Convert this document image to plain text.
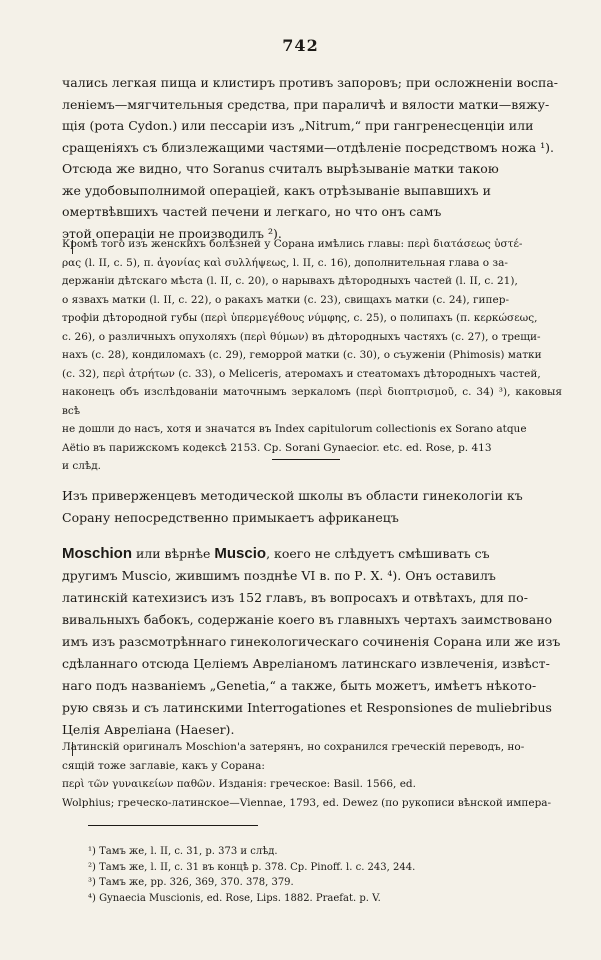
742

чались легкая пища и клистиръ противъ запоровъ; при осложненіи воспа-

леніемъ—мягчительныя средства, при параличѣ и вялости матки—вяжу-

щія (рота Cydon.) или пессаріи изъ „Nitrum,“ при гангренесценціи или

сращеніяхъ съ близлежащими частями—отдѣленіе посредствомъ ножа ¹).

Отсюда же видно, что Soranus считалъ вырѣзываніе матки такою

же удобовыполнимой операціей, какъ отрѣзываніе выпавшихъ и

омертвѣвшихъ частей печени и легкаго, но что онъ самъ

этой операціи не производилъ ²).

Кромѣ того изъ женскихъ болѣзней у Сорана имѣлись главы: περὶ διατάσεως ὑστέ-

ρας (l. II, c. 5), π. ἀγονίας καὶ συλλήψεως, l. II, c. 16), дополнительная глава о за-

держаніи дѣтскаго мѣста (l. II, c. 20), о нарывахъ дѣтородныхъ частей (l. II, c. 21),

о язвахъ матки (l. II, c. 22), о ракахъ матки (c. 23), свищахъ матки (c. 24), гипер-

трофіи дѣтородной губы (περὶ ὑπερμεγέθους νύμφης, c. 25), о полипахъ (π. κερκώσεως,

c. 26), о различныхъ опухоляхъ (περὶ θύμων) въ дѣтородныхъ частяхъ (c. 27), о трещи-

нахъ (c. 28), кондиломахъ (c. 29), геморрой матки (c. 30), о съуженіи (Phimosis) матки

(c. 32), περὶ ἀτρήτων (c. 33), о Meliceris, атеромахъ и стеатомахъ дѣтородныхъ частей,

наконецъ объ изслѣдованіи маточнымъ зеркаломъ (περὶ διοπτρισμοῦ, c. 34) ³), каковыя всѣ

не дошли до насъ, хотя и значатся въ Index capitulorum collectionis ex Sorano atque

Aëtio въ парижскомъ кодексѣ 2153. Ср. Sorani Gynaecior. etc. ed. Rose, p. 413

и слѣд.

Изъ приверженцевъ методической школы въ области гинекологіи къ

Сорану непосредственно примыкаетъ африканецъ

Moschion или вѣрнѣе Muscio, коего не слѣдуетъ смѣшивать съ

другимъ Muscio, жившимъ позднѣе VI в. по Р. Х. ⁴). Онъ оставилъ

латинскій катехизисъ изъ 152 главъ, въ вопросахъ и отвѣтахъ, для по-

вивальныхъ бабокъ, содержаніе коего въ главныхъ чертахъ заимствовано

имъ изъ разсмотрѣннаго гинекологическаго сочиненія Сорана или же изъ

сдѣланнаго отсюда Целіемъ Авреліаномъ латинскаго извлеченія, извѣст-

наго подъ названіемъ „Genetia,“ а также, быть можетъ, имѣетъ нѣкото-

рую связь и съ латинскими Interrogationes et Responsiones de muliebribus

Целія Авреліана (Haeser).

Латинскій оригиналъ Moschion'a затерянъ, но сохранился греческій переводъ, но-

сящій тоже заглавіе, какъ у Сорана:

περὶ τῶν γυναικείων παθῶν. Изданія: греческое: Basil. 1566, ed.

Wolphius; греческо-латинское—Viennae, 1793, ed. Dewez (по рукописи вѣнской импера-

¹) Тамъ же, l. II, c. 31, p. 373 и слѣд.
²) Тамъ же, l. II, c. 31 въ концѣ p. 378. Ср. Pinoff. l. c. 243, 244.
³) Тамъ же, pp. 326, 369, 370. 378, 379.
⁴) Gynaecia Muscionis, ed. Rose, Lips. 1882. Praefat. p. V.
